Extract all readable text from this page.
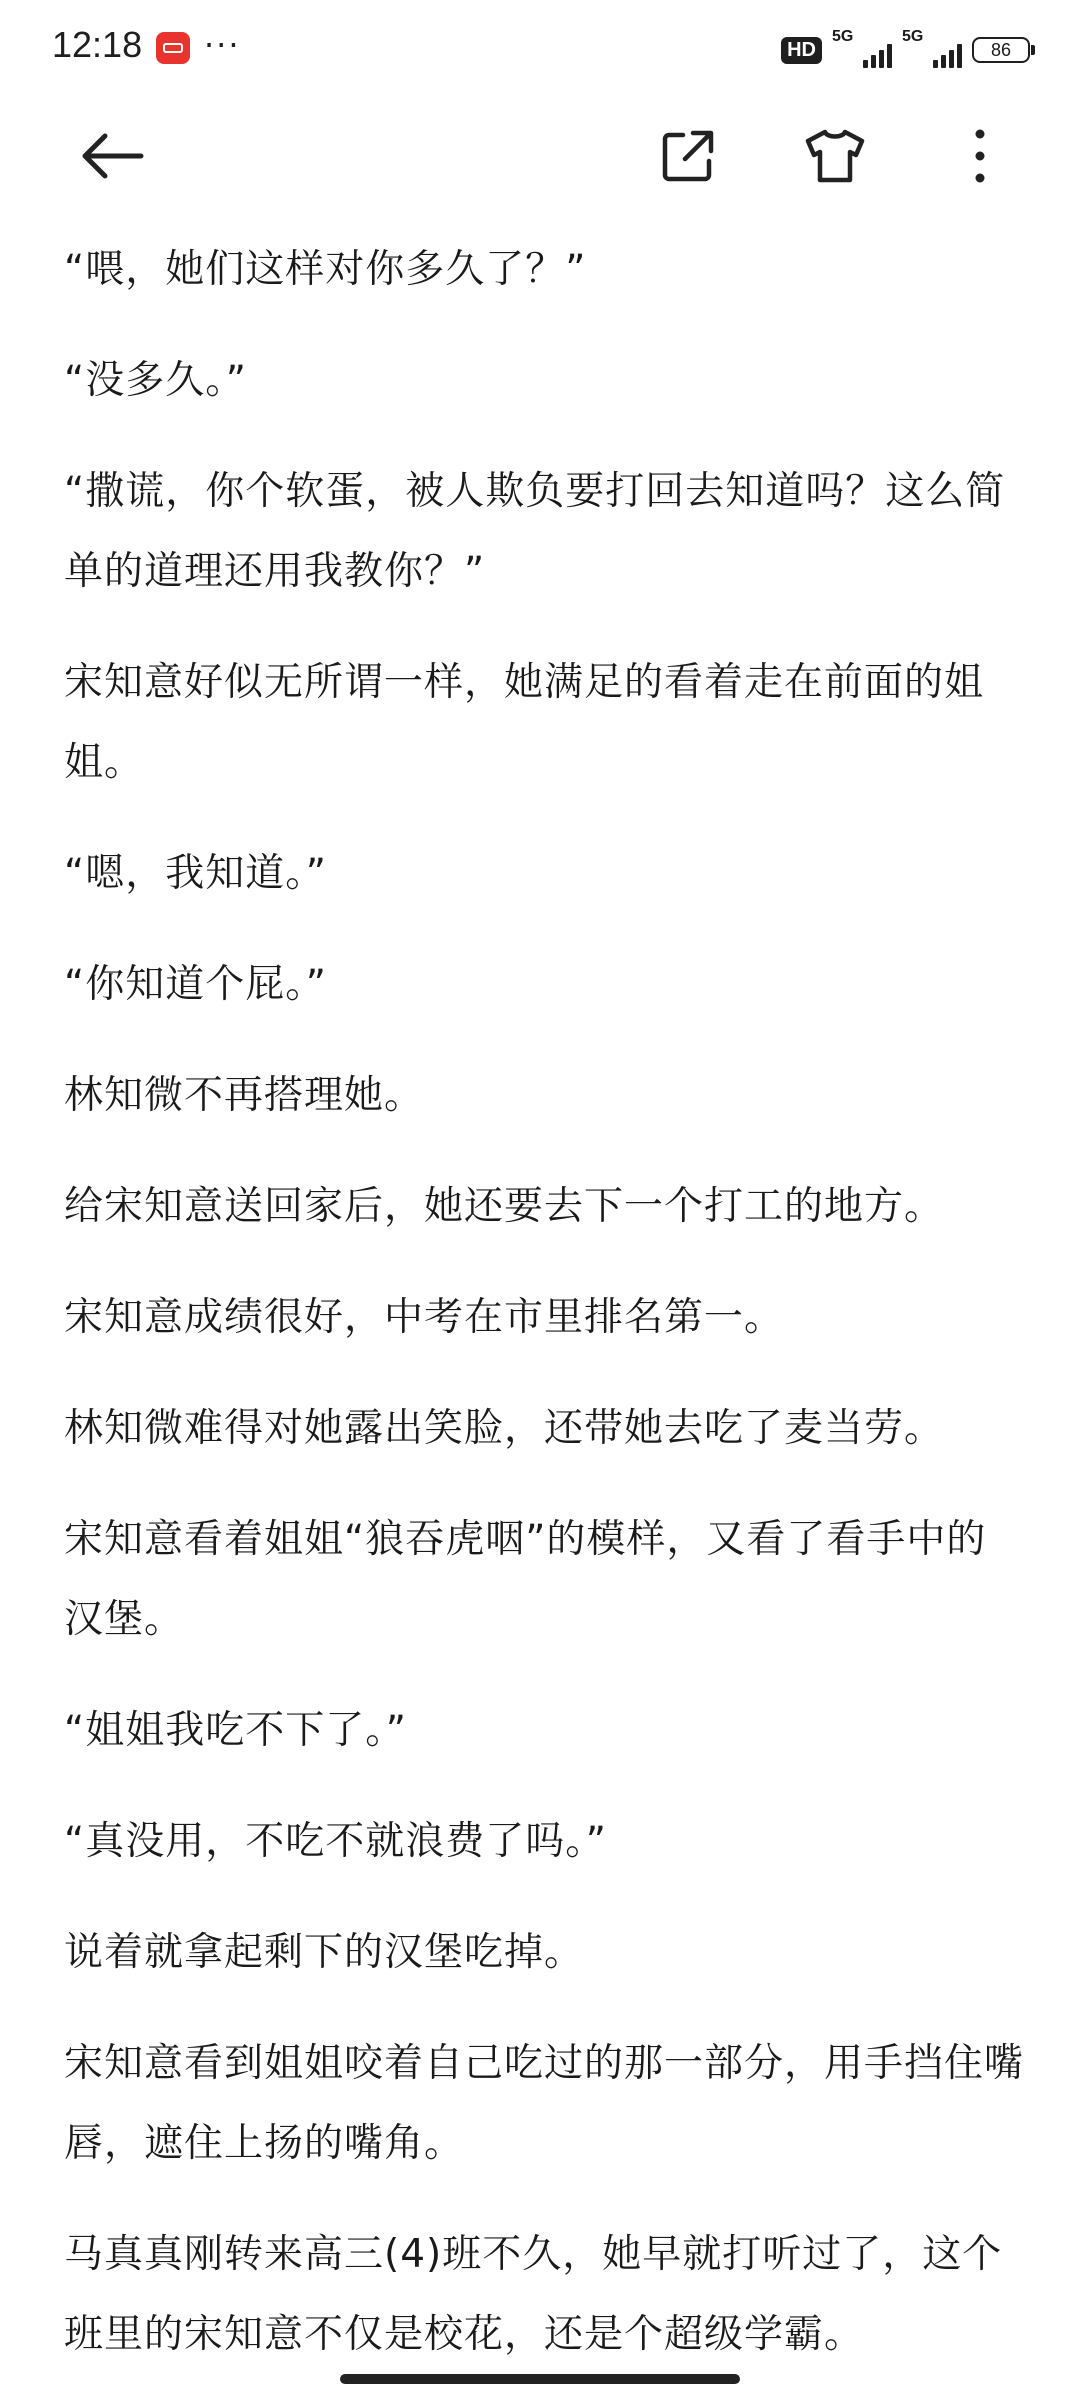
12:18 ···	HD
5G	5G
86

“喂，她们这样对你多久了？”

“没多久。”

“撒谎，你个软蛋，被人欺负要打回去知道吗？这么简单的道理还用我教你？”

宋知意好似无所谓一样，她满足的看着走在前面的姐姐。

“嗯，我知道。”

“你知道个屁。”

林知微不再搭理她。

给宋知意送回家后，她还要去下一个打工的地方。

宋知意成绩很好，中考在市里排名第一。

林知微难得对她露出笑脸，还带她去吃了麦当劳。

宋知意看着姐姐“狼吞虎咽”的模样，又看了看手中的汉堡。

“姐姐我吃不下了。”

“真没用，不吃不就浪费了吗。”

说着就拿起剩下的汉堡吃掉。

宋知意看到姐姐咬着自己吃过的那一部分，用手挡住嘴唇，遮住上扬的嘴角。

马真真刚转来高三(4)班不久，她早就打听过了，这个班里的宋知意不仅是校花，还是个超级学霸。
